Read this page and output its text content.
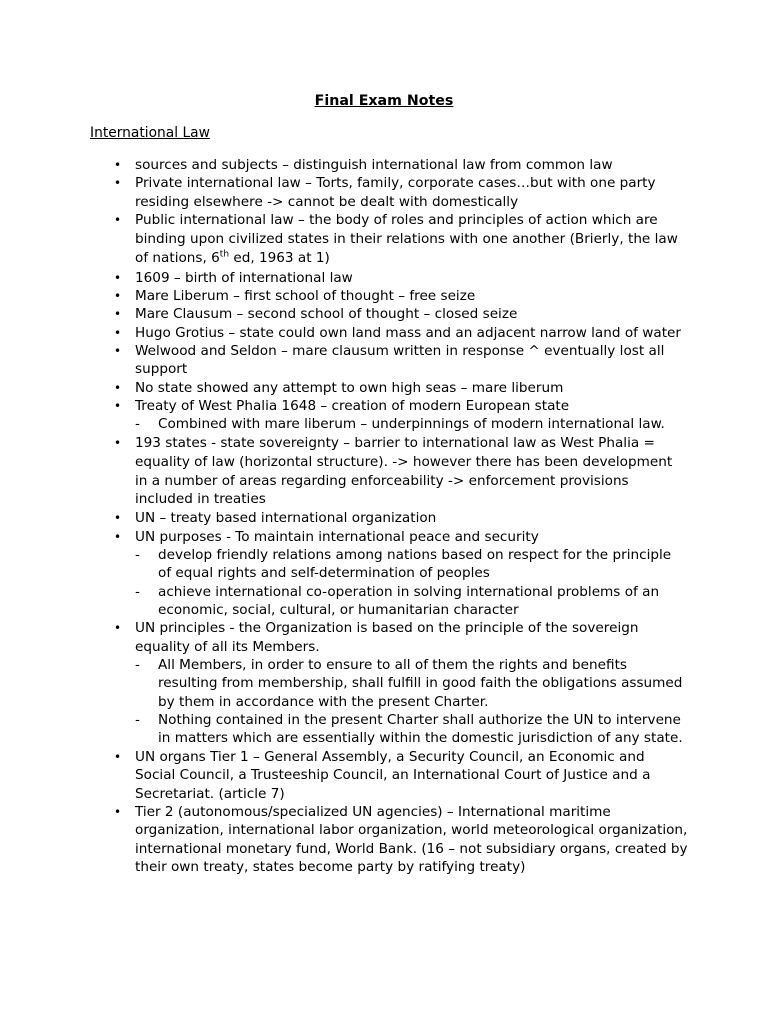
Final Exam Notes

International Law

• sources and subjects – distinguish international law from common law
• Private international law – Torts, family, corporate cases…but with one party residing elsewhere -> cannot be dealt with domestically
• Public international law – the body of roles and principles of action which are binding upon civilized states in their relations with one another (Brierly, the law of nations, 6th ed, 1963 at 1)
• 1609 – birth of international law
• Mare Liberum – first school of thought – free seize
• Mare Clausum – second school of thought – closed seize
• Hugo Grotius – state could own land mass and an adjacent narrow land of water
• Welwood and Seldon – mare clausum written in response ^ eventually lost all support
• No state showed any attempt to own high seas – mare liberum
• Treaty of West Phalia 1648 – creation of modern European state
- Combined with mare liberum – underpinnings of modern international law.
• 193 states - state sovereignty – barrier to international law as West Phalia = equality of law (horizontal structure). -> however there has been development in a number of areas regarding enforceability -> enforcement provisions included in treaties
• UN – treaty based international organization
• UN purposes - To maintain international peace and security
- develop friendly relations among nations based on respect for the principle of equal rights and self-determination of peoples
- achieve international co-operation in solving international problems of an economic, social, cultural, or humanitarian character
• UN principles - the Organization is based on the principle of the sovereign equality of all its Members.
- All Members, in order to ensure to all of them the rights and benefits resulting from membership, shall fulfill in good faith the obligations assumed by them in accordance with the present Charter.
- Nothing contained in the present Charter shall authorize the UN to intervene in matters which are essentially within the domestic jurisdiction of any state.
• UN organs Tier 1 – General Assembly, a Security Council, an Economic and Social Council, a Trusteeship Council, an International Court of Justice and a Secretariat. (article 7)
• Tier 2 (autonomous/specialized UN agencies) – International maritime organization, international labor organization, world meteorological organization, international monetary fund, World Bank. (16 – not subsidiary organs, created by their own treaty, states become party by ratifying treaty)
